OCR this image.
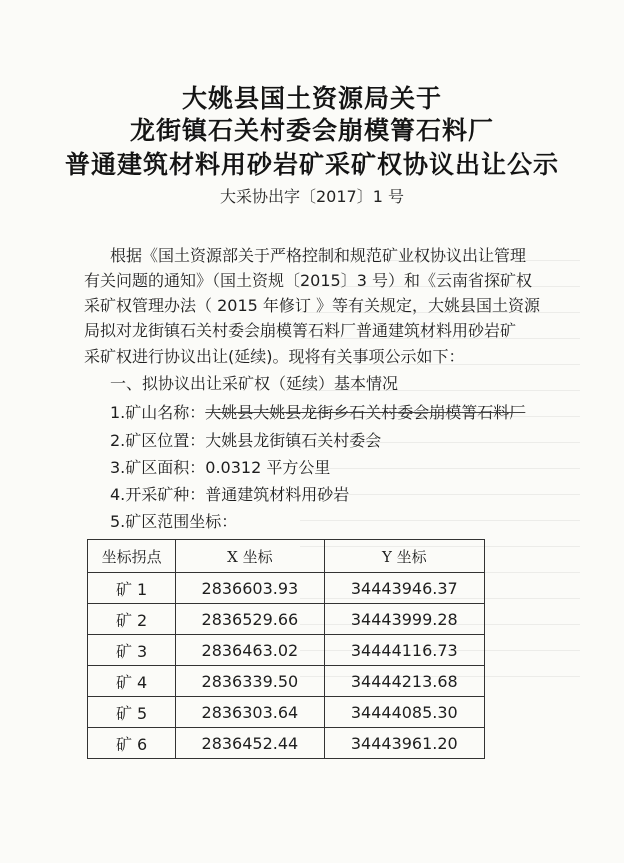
大姚县国土资源局关于
龙街镇石关村委会崩模箐石料厂
普通建筑材料用砂岩矿采矿权协议出让公示
大采协出字〔2017〕1 号
根据《国土资源部关于严格控制和规范矿业权协议出让管理
有关问题的通知》（国土资规〔2015〕3 号）和《云南省探矿权
采矿权管理办法（ 2015 年修订 》等有关规定，大姚县国土资源
局拟对龙街镇石关村委会崩模箐石料厂普通建筑材料用砂岩矿
采矿权进行协议出让(延续)。现将有关事项公示如下：
一、拟协议出让采矿权（延续）基本情况
1.矿山名称：大姚县大姚县龙街乡石关村委会崩模箐石料厂
2.矿区位置：大姚县龙街镇石关村委会
3.矿区面积：0.0312 平方公里
4.开采矿种：普通建筑材料用砂岩
5.矿区范围坐标：
坐标拐点	X 坐标	Y 坐标
矿 1	2836603.93	34443946.37
矿 2	2836529.66	34443999.28
矿 3	2836463.02	34444116.73
矿 4	2836339.50	34444213.68
矿 5	2836303.64	34444085.30
矿 6	2836452.44	34443961.20
